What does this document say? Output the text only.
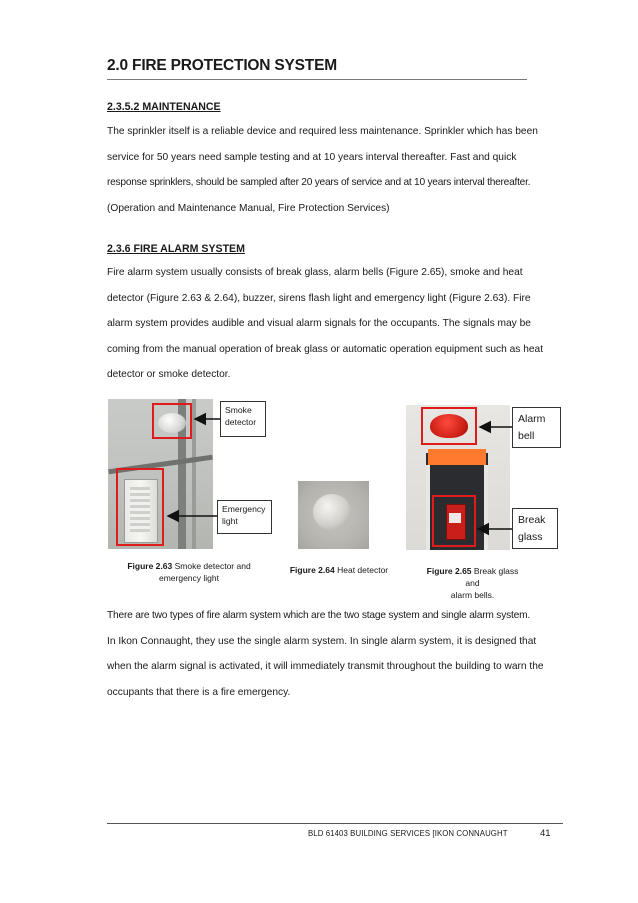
2.0 FIRE PROTECTION SYSTEM
2.3.5.2 MAINTENANCE
The sprinkler itself is a reliable device and required less maintenance. Sprinkler which has been
service for 50 years need sample testing and at 10 years interval thereafter. Fast and quick
response sprinklers, should be sampled after 20 years of service and at 10 years interval thereafter.
(Operation and Maintenance Manual, Fire Protection Services)
2.3.6 FIRE ALARM SYSTEM
Fire alarm system usually consists of break glass, alarm bells (Figure 2.65), smoke and heat
detector (Figure 2.63 & 2.64), buzzer, sirens flash light and emergency light (Figure 2.63). Fire
alarm system provides audible and visual alarm signals for the occupants. The signals may be
coming from the manual operation of break glass or automatic operation equipment such as heat
detector or smoke detector.
Smoke
detector
Emergency
light
Figure 2.63 Smoke detector and
emergency light
Figure 2.64 Heat detector
Alarm
bell
Break
glass
Figure 2.65 Break glass and
alarm bells.
There are two types of fire alarm system which are the two stage system and single alarm system.
In Ikon Connaught, they use the single alarm system. In single alarm system, it is designed that
when the alarm signal is activated, it will immediately transmit throughout the building to warn the
occupants that there is a fire emergency.
BLD 61403 BUILDING SERVICES [IKON CONNAUGHT	41
